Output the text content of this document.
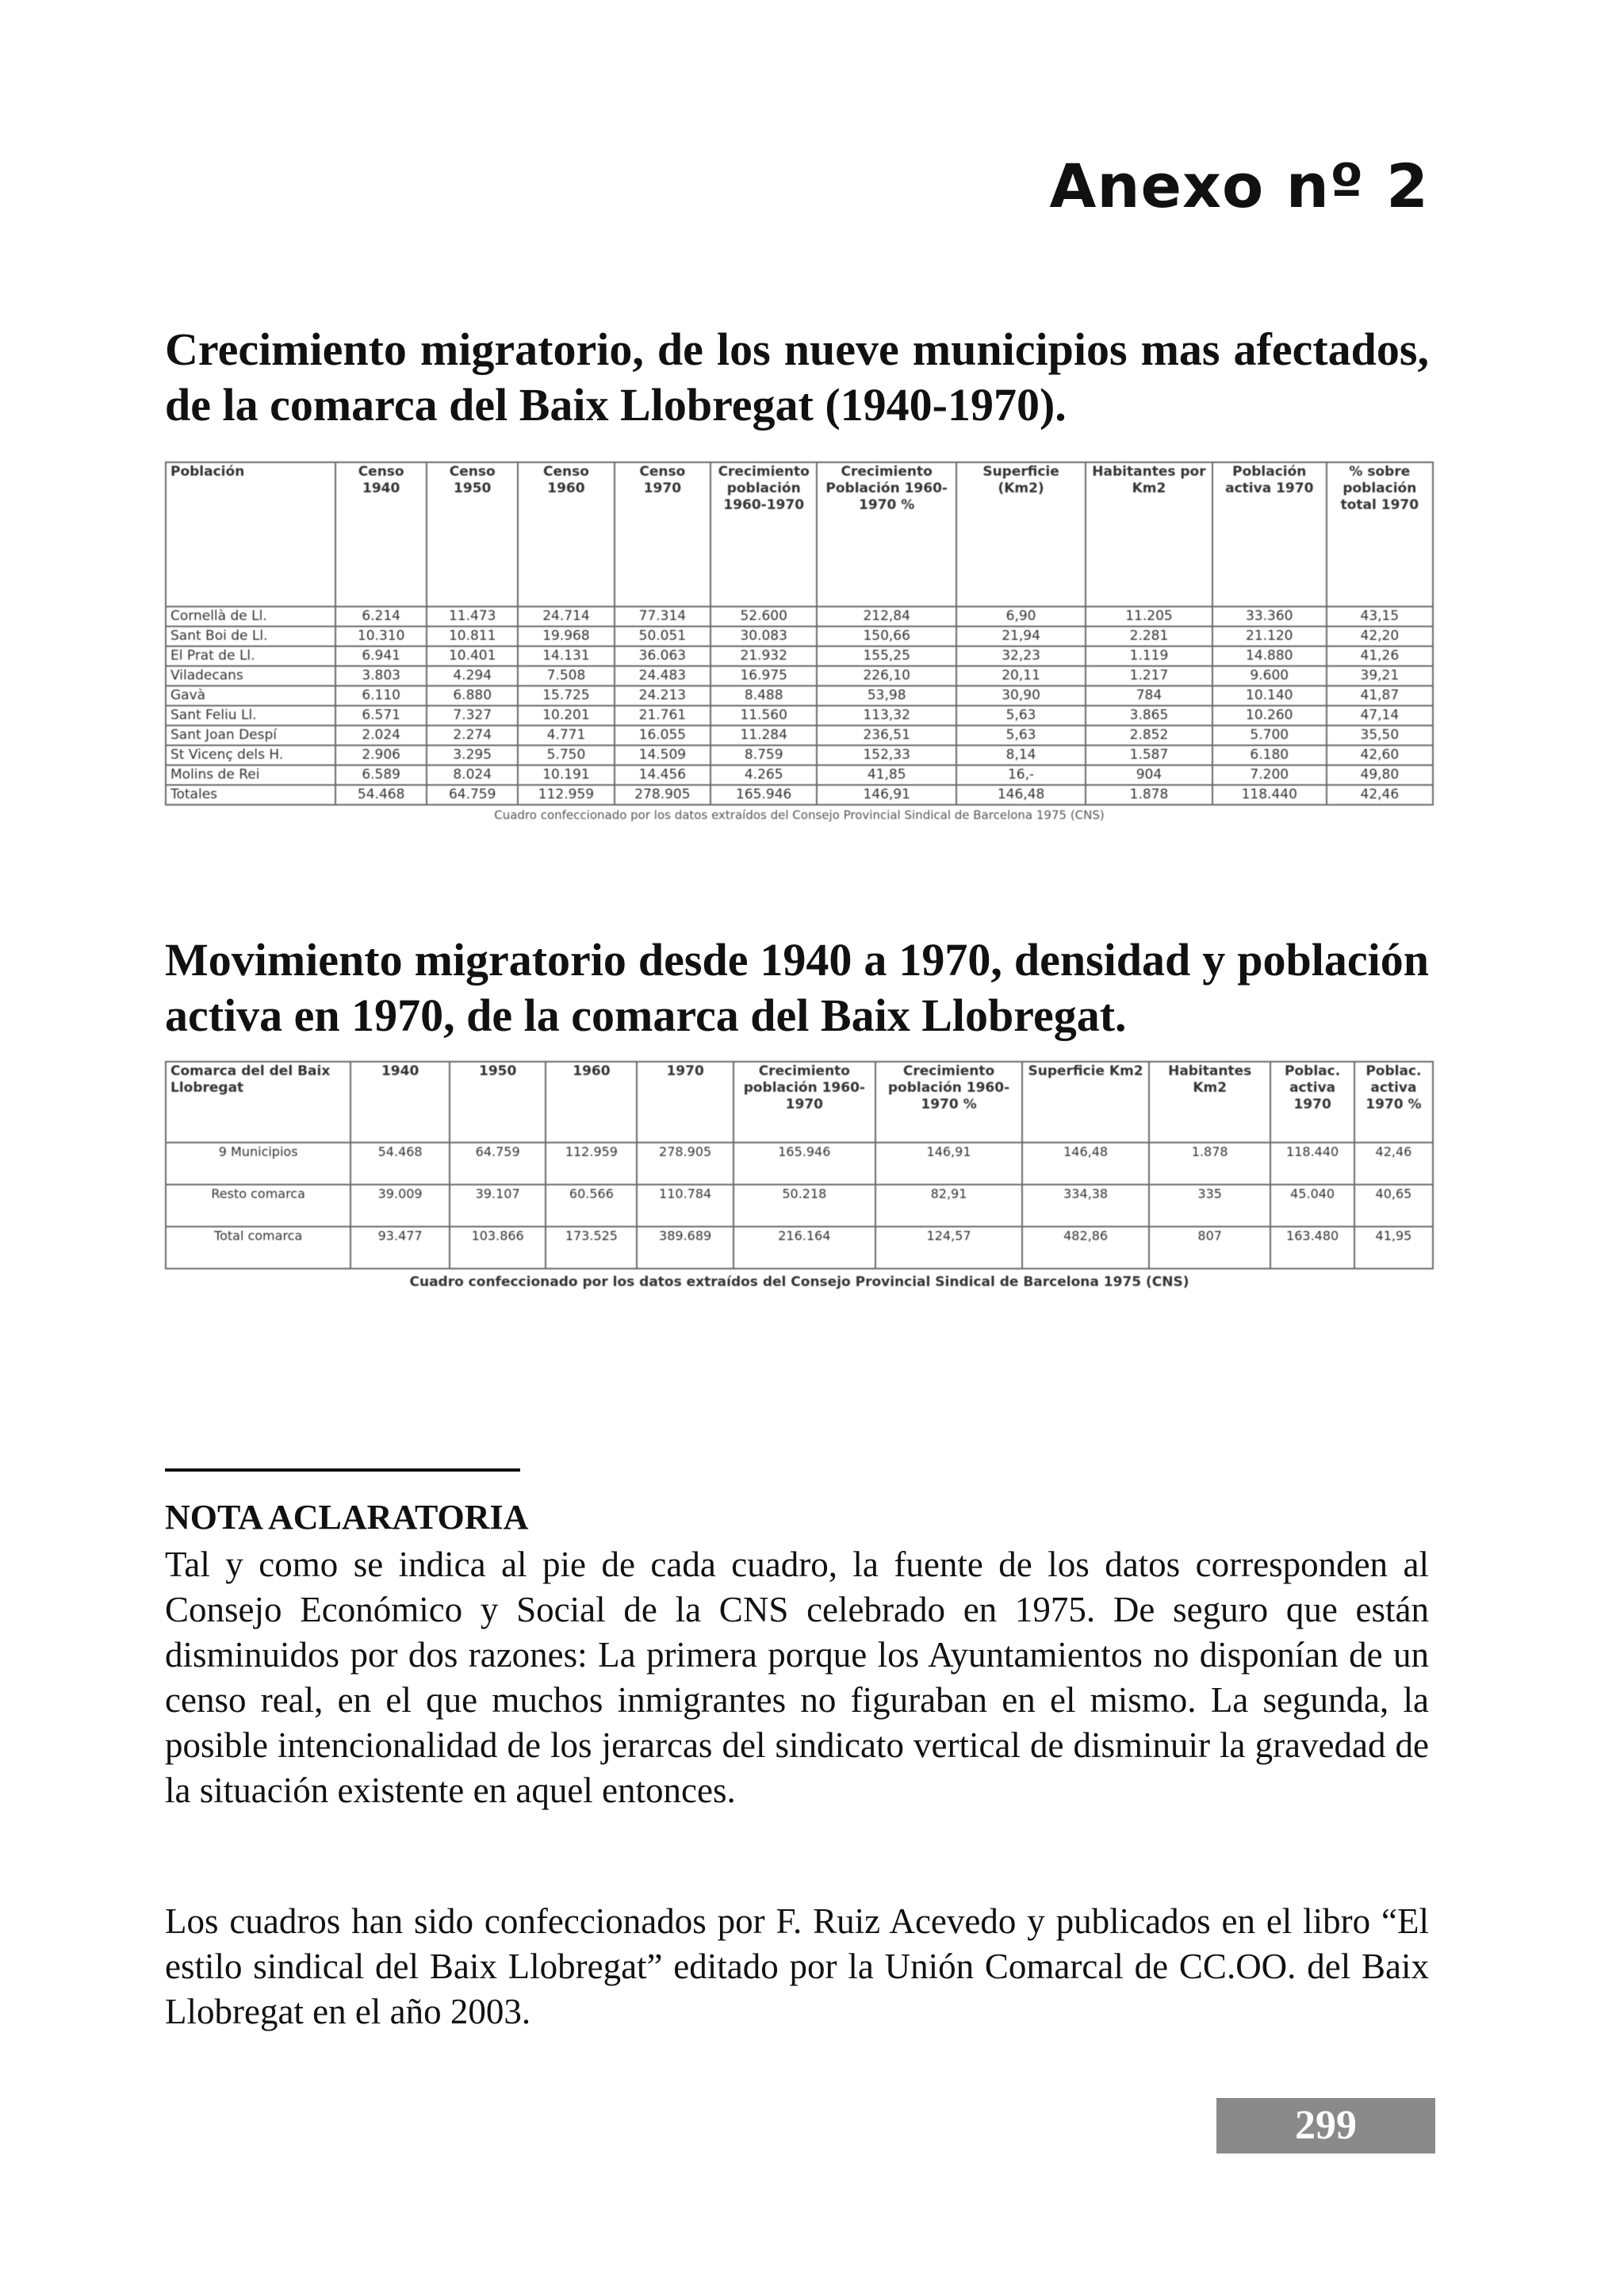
Anexo nº 2
Crecimiento migratorio, de los nueve municipios mas afectados, de la comarca del Baix Llobregat (1940-1970).
Población	Censo 1940	Censo 1950	Censo 1960	Censo 1970	Crecimiento población 1960-1970	Crecimiento Población 1960-1970 %	Superficie (Km2)	Habitantes por Km2	Población activa 1970	% sobre población total 1970
Cornellà de Ll.	6.214	11.473	24.714	77.314	52.600	212,84	6,90	11.205	33.360	43,15
Sant Boi de Ll.	10.310	10.811	19.968	50.051	30.083	150,66	21,94	2.281	21.120	42,20
El Prat de Ll.	6.941	10.401	14.131	36.063	21.932	155,25	32,23	1.119	14.880	41,26
Viladecans	3.803	4.294	7.508	24.483	16.975	226,10	20,11	1.217	9.600	39,21
Gavà	6.110	6.880	15.725	24.213	8.488	53,98	30,90	784	10.140	41,87
Sant Feliu Ll.	6.571	7.327	10.201	21.761	11.560	113,32	5,63	3.865	10.260	47,14
Sant Joan Despí	2.024	2.274	4.771	16.055	11.284	236,51	5,63	2.852	5.700	35,50
St Vicenç dels H.	2.906	3.295	5.750	14.509	8.759	152,33	8,14	1.587	6.180	42,60
Molins de Rei	6.589	8.024	10.191	14.456	4.265	41,85	16,-	904	7.200	49,80
Totales	54.468	64.759	112.959	278.905	165.946	146,91	146,48	1.878	118.440	42,46
Cuadro confeccionado por los datos extraídos del Consejo Provincial Sindical de Barcelona 1975 (CNS)
Movimiento migratorio desde 1940 a 1970, densidad y población activa en 1970, de la comarca del Baix Llobregat.
Comarca del del Baix Llobregat	1940	1950	1960	1970	Crecimiento población 1960-1970	Crecimiento población 1960-1970 %	Superficie Km2	Habitantes Km2	Poblac. activa 1970	Poblac. activa 1970 %
9 Municipios	54.468	64.759	112.959	278.905	165.946	146,91	146,48	1.878	118.440	42,46
Resto comarca	39.009	39.107	60.566	110.784	50.218	82,91	334,38	335	45.040	40,65
Total comarca	93.477	103.866	173.525	389.689	216.164	124,57	482,86	807	163.480	41,95
Cuadro confeccionado por los datos extraídos del Consejo Provincial Sindical de Barcelona 1975 (CNS)
NOTA ACLARATORIA

Tal y como se indica al pie de cada cuadro, la fuente de los datos corresponden al Consejo Económico y Social de la CNS celebrado en 1975. De seguro que están disminuidos por dos razones: La primera porque los Ayuntamientos no disponían de un censo real, en el que muchos inmigrantes no figuraban en el mismo. La segunda, la posible intencionalidad de los jerarcas del sindicato vertical de disminuir la gravedad de la situación existente en aquel entonces.

Los cuadros han sido confeccionados por F. Ruiz Acevedo y publicados en el libro “El estilo sindical del Baix Llobregat” editado por la Unión Comarcal de CC.OO. del Baix Llobregat en el año 2003.

299
